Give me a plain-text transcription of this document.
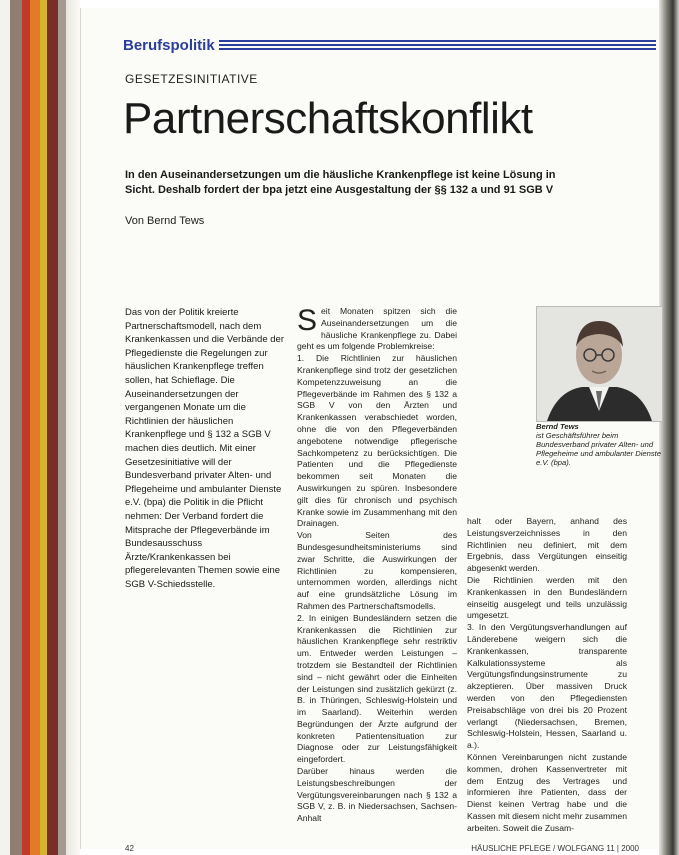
Berufspolitik
GESETZESINITIATIVE
Partnerschaftskonflikt
In den Auseinandersetzungen um die häusliche Krankenpflege ist keine Lösung in Sicht. Deshalb fordert der bpa jetzt eine Ausgestaltung der §§ 132 a und 91 SGB V
Von Bernd Tews
Das von der Politik kreierte Partnerschaftsmodell, nach dem Krankenkassen und die Verbände der Pflegedienste die Regelungen zur häuslichen Krankenpflege treffen sollen, hat Schieflage. Die Auseinandersetzungen der vergangenen Monate um die Richtlinien der häuslichen Krankenpflege und § 132 a SGB V machen dies deutlich. Mit einer Gesetzesinitiative will der Bundesverband privater Alten- und Pflegeheime und ambulanter Dienste e.V. (bpa) die Politik in die Pflicht nehmen: Der Verband fordert die Mitsprache der Pflegeverbände im Bundesausschuss Ärzte/Krankenkassen bei pflegerelevanten Themen sowie eine SGB V-Schiedsstelle.
S eit Monaten spitzen sich die Auseinandersetzungen um die häusliche Krankenpflege zu. Dabei geht es um folgende Problemkreise:

1. Die Richtlinien zur häuslichen Krankenpflege sind trotz der gesetzlichen Kompetenzzuweisung an die Pflegeverbände im Rahmen des § 132 a SGB V von den Ärzten und Krankenkassen verabschiedet worden, ohne die von den Pflegeverbänden angebotene notwendige pflegerische Sachkompetenz zu berücksichtigen. Die Patienten und die Pflegedienste bekommen seit Monaten die Auswirkungen zu spüren. Insbesondere gilt dies für chronisch und psychisch Kranke sowie im Zusammenhang mit den Drainagen.

Von Seiten des Bundesgesundheitsministeriums sind zwar Schritte, die Auswirkungen der Richtlinien zu kompensieren, unternommen worden, allerdings nicht auf eine grundsätzliche Lösung im Rahmen des Partnerschaftsmodells.

2. In einigen Bundesländern setzen die Krankenkassen die Richtlinien zur häuslichen Krankenpflege sehr restriktiv um. Entweder werden Leistungen – trotzdem sie Bestandteil der Richtlinien sind – nicht gewährt oder die Einheiten der Leistungen sind zusätzlich gekürzt (z. B. in Thüringen, Schleswig-Holstein und im Saarland). Weiterhin werden Begründungen der Ärzte aufgrund der konkreten Patientensituation zur Diagnose oder zur Leistungsfähigkeit eingefordert.

Darüber hinaus werden die Leistungsbeschreibungen der Vergütungsvereinbarungen nach § 132 a SGB V, z. B. in Niedersachsen, Sachsen-Anhalt

Bernd Tews
ist Geschäftsführer beim Bundesverband privater Alten- und Pflegeheime und ambulanter Dienste e.V. (bpa).

halt oder Bayern, anhand des Leistungsverzeichnisses in den Richtlinien neu definiert, mit dem Ergebnis, dass Vergütungen einseitig abgesenkt werden.

Die Richtlinien werden mit den Krankenkassen in den Bundesländern einseitig ausgelegt und teils unzulässig umgesetzt.

3. In den Vergütungsverhandlungen auf Länderebene weigern sich die Krankenkassen, transparente Kalkulationssysteme als Vergütungsfindungsinstrumente zu akzeptieren. Über massiven Druck werden von den Pflegediensten Preisabschläge von drei bis 20 Prozent verlangt (Niedersachsen, Bremen, Schleswig-Holstein, Hessen, Saarland u. a.).

Können Vereinbarungen nicht zustande kommen, drohen Kassenvertreter mit dem Entzug des Vertrages und informieren ihre Patienten, dass der Dienst keinen Vertrag habe und die Kassen mit diesem nicht mehr zusammen arbeiten. Soweit die Zusam-

42	HÄUSLICHE PFLEGE / WOLFGANG 11 | 2000
